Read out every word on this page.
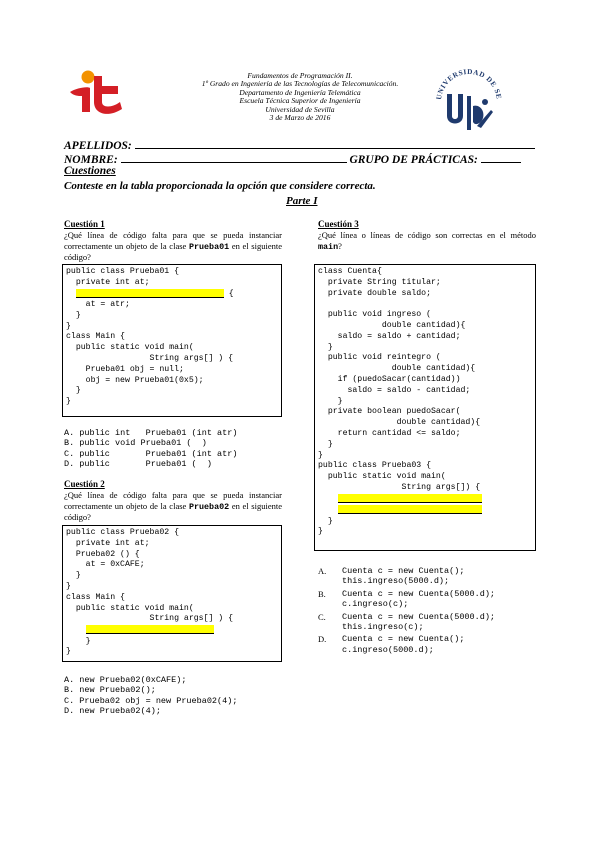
Fundamentos de Programación II.
1º Grado en Ingeniería de las Tecnologías de Telecomunicación.
Departamento de Ingeniería Telemática
Escuela Técnica Superior de Ingeniería
Universidad de Sevilla
3 de Marzo de 2016
UNIVERSIDAD DE SE
APELLIDOS:
NOMBRE:	GRUPO DE PRÁCTICAS:
Cuestiones
Conteste en la tabla proporcionada la opción que considere correcta.
Parte I
Cuestión 1
¿Qué línea de código falta para que se pueda instanciar correctamente un objeto de la clase Prueba01 en el siguiente código?
public class Prueba01 {
private int at;
{
at = atr;
}
}
class Main {
public static void main(
String args[] ) {
Prueba01 obj = null;
obj = new Prueba01(0x5);
}
}
A. public int   Prueba01 (int atr)
B. public void Prueba01 (  )
C. public       Prueba01 (int atr)
D. public       Prueba01 (  )
Cuestión 2
¿Qué línea de código falta para que se pueda instanciar correctamente un objeto de la clase Prueba02 en el siguiente código?
public class Prueba02 {
private int at;
Prueba02 () {
at = 0xCAFE;
}
}
class Main {
public static void main(
String args[] ) {

}
}
A. new Prueba02(0xCAFE);
B. new Prueba02();
C. Prueba02 obj = new Prueba02(4);
D. new Prueba02(4);
Cuestión 3
¿Qué línea o líneas de código son correctas en el método main?
class Cuenta{
private String titular;
private double saldo;

public void ingreso (
double cantidad){
saldo = saldo + cantidad;
}
public void reintegro (
double cantidad){
if (puedoSacar(cantidad))
saldo = saldo - cantidad;
}
private boolean puedoSacar(
double cantidad){
return cantidad <= saldo;
}
}
public class Prueba03 {
public static void main(
String args[]) {

}
}
A.	Cuenta c = new Cuenta();
this.ingreso(5000.d);
B.	Cuenta c = new Cuenta(5000.d);
c.ingreso(c);
C.	Cuenta c = new Cuenta(5000.d);
this.ingreso(c);
D.	Cuenta c = new Cuenta();
c.ingreso(5000.d);
